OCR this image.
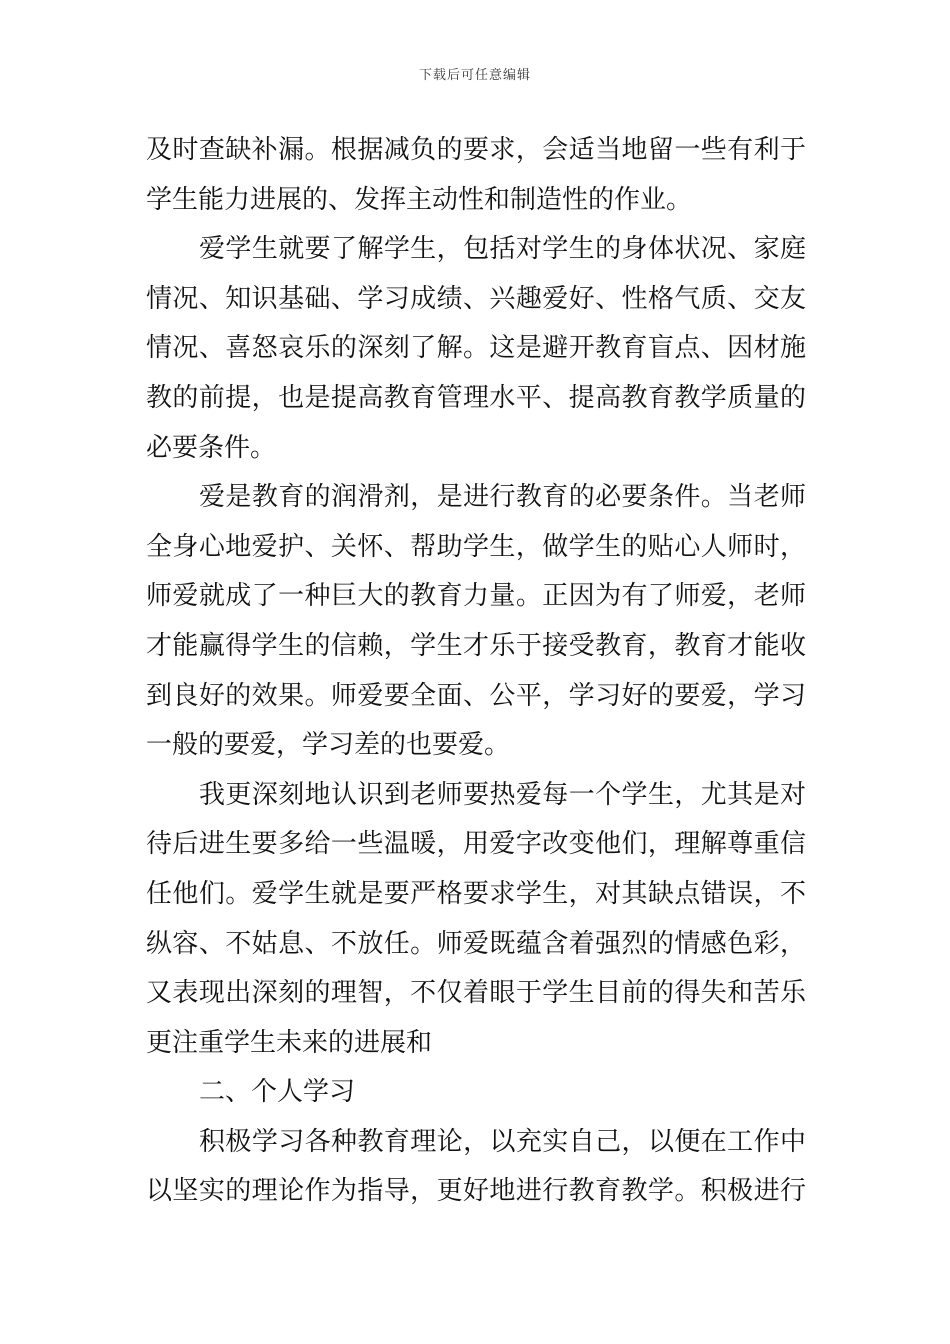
下载后可任意编辑
及时查缺补漏。根据减负的要求，会适当地留一些有利于
学生能力进展的、发挥主动性和制造性的作业。
爱学生就要了解学生，包括对学生的身体状况、家庭
情况、知识基础、学习成绩、兴趣爱好、性格气质、交友
情况、喜怒哀乐的深刻了解。这是避开教育盲点、因材施
教的前提，也是提高教育管理水平、提高教育教学质量的
必要条件。
爱是教育的润滑剂，是进行教育的必要条件。当老师
全身心地爱护、关怀、帮助学生，做学生的贴心人师时，
师爱就成了一种巨大的教育力量。正因为有了师爱，老师
才能赢得学生的信赖，学生才乐于接受教育，教育才能收
到良好的效果。师爱要全面、公平，学习好的要爱，学习
一般的要爱，学习差的也要爱。
我更深刻地认识到老师要热爱每一个学生，尤其是对
待后进生要多给一些温暖，用爱字改变他们，理解尊重信
任他们。爱学生就是要严格要求学生，对其缺点错误，不
纵容、不姑息、不放任。师爱既蕴含着强烈的情感色彩，
又表现出深刻的理智，不仅着眼于学生目前的得失和苦乐
更注重学生未来的进展和
二、个人学习
积极学习各种教育理论，以充实自己，以便在工作中
以坚实的理论作为指导，更好地进行教育教学。积极进行
